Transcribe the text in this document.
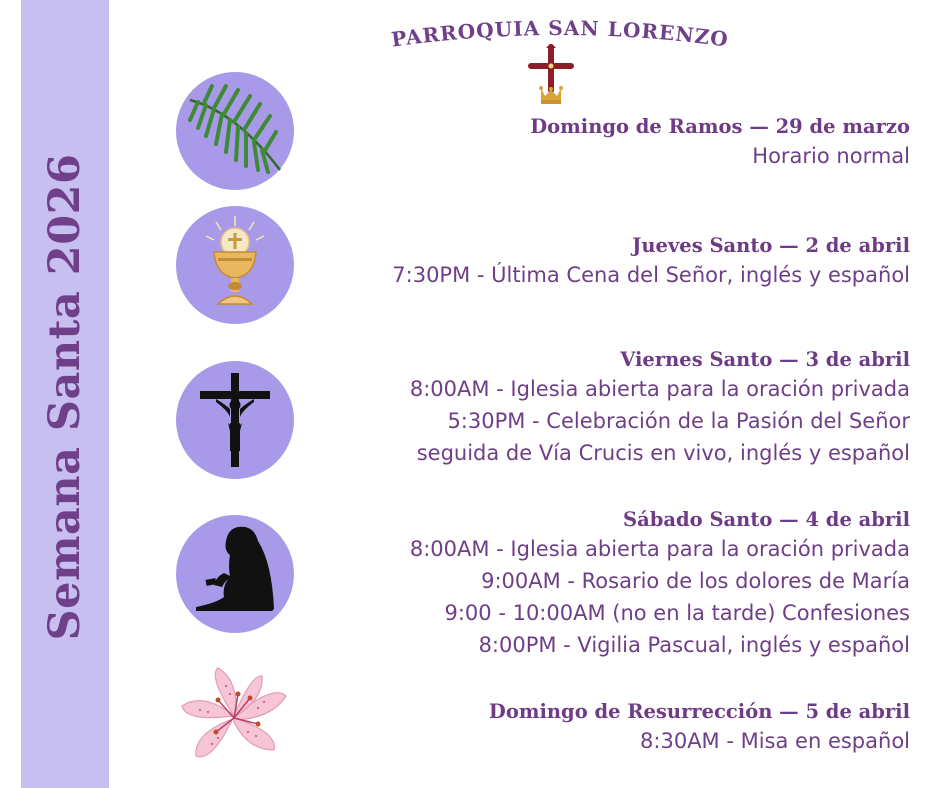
Semana Santa 2026
PARROQUIA SAN LORENZO
Domingo de Ramos — 29 de marzo
Horario normal
Jueves Santo — 2 de abril
7:30PM - Última Cena del Señor, inglés y español
Viernes Santo — 3 de abril
8:00AM - Iglesia abierta para la oración privada
5:30PM - Celebración de la Pasión del Señor
seguida de Vía Crucis en vivo, inglés y español
Sábado Santo — 4 de abril
8:00AM - Iglesia abierta para la oración privada
9:00AM - Rosario de los dolores de María
9:00 - 10:00AM (no en la tarde) Confesiones
8:00PM - Vigilia Pascual, inglés y español
Domingo de Resurrección — 5 de abril
8:30AM - Misa en español
